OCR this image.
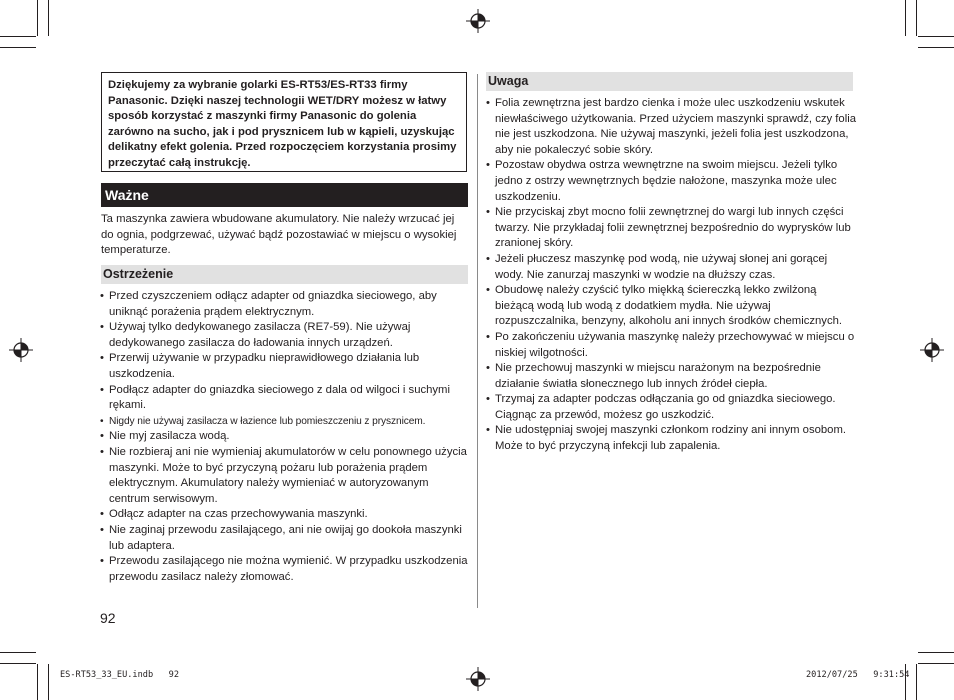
Dziękujemy za wybranie golarki ES-RT53/ES-RT33 firmy Panasonic. Dzięki naszej technologii WET/DRY możesz w łatwy sposób korzystać z maszynki firmy Panasonic do golenia zarówno na sucho, jak i pod prysznicem lub w kąpieli, uzyskując delikatny efekt golenia. Przed rozpoczęciem korzystania prosimy przeczytać całą instrukcję.

Ważne

Ta maszynka zawiera wbudowane akumulatory. Nie należy wrzucać jej do ognia, podgrzewać, używać bądź pozostawiać w miejscu o wysokiej temperaturze.

Ostrzeżenie
• Przed czyszczeniem odłącz adapter od gniazdka sieciowego, aby uniknąć porażenia prądem elektrycznym.
• Używaj tylko dedykowanego zasilacza (RE7-59). Nie używaj dedykowanego zasilacza do ładowania innych urządzeń.
• Przerwij używanie w przypadku nieprawidłowego działania lub uszkodzenia.
• Podłącz adapter do gniazdka sieciowego z dala od wilgoci i suchymi rękami.
• Nigdy nie używaj zasilacza w łazience lub pomieszczeniu z prysznicem.
• Nie myj zasilacza wodą.
• Nie rozbieraj ani nie wymieniaj akumulatorów w celu ponownego użycia maszynki. Może to być przyczyną pożaru lub porażenia prądem elektrycznym. Akumulatory należy wymieniać w autoryzowanym centrum serwisowym.
• Odłącz adapter na czas przechowywania maszynki.
• Nie zaginaj przewodu zasilającego, ani nie owijaj go dookoła maszynki lub adaptera.
• Przewodu zasilającego nie można wymienić. W przypadku uszkodzenia przewodu zasilacz należy złomować.
Uwaga
• Folia zewnętrzna jest bardzo cienka i może ulec uszkodzeniu wskutek niewłaściwego użytkowania. Przed użyciem maszynki sprawdź, czy folia nie jest uszkodzona. Nie używaj maszynki, jeżeli folia jest uszkodzona, aby nie pokaleczyć sobie skóry.
• Pozostaw obydwa ostrza wewnętrzne na swoim miejscu. Jeżeli tylko jedno z ostrzy wewnętrznych będzie nałożone, maszynka może ulec uszkodzeniu.
• Nie przyciskaj zbyt mocno folii zewnętrznej do wargi lub innych części twarzy. Nie przykładaj folii zewnętrznej bezpośrednio do wyprysków lub zranionej skóry.
• Jeżeli płuczesz maszynkę pod wodą, nie używaj słonej ani gorącej wody. Nie zanurzaj maszynki w wodzie na dłuższy czas.
• Obudowę należy czyścić tylko miękką ściereczką lekko zwilżoną bieżącą wodą lub wodą z dodatkiem mydła. Nie używaj rozpuszczalnika, benzyny, alkoholu ani innych środków chemicznych.
• Po zakończeniu używania maszynkę należy przechowywać w miejscu o niskiej wilgotności.
• Nie przechowuj maszynki w miejscu narażonym na bezpośrednie działanie światła słonecznego lub innych źródeł ciepła.
• Trzymaj za adapter podczas odłączania go od gniazdka sieciowego. Ciągnąc za przewód, możesz go uszkodzić.
• Nie udostępniaj swojej maszynki członkom rodziny ani innym osobom. Może to być przyczyną infekcji lub zapalenia.
92
ES-RT53_33_EU.indb   92	2012/07/25   9:31:54
